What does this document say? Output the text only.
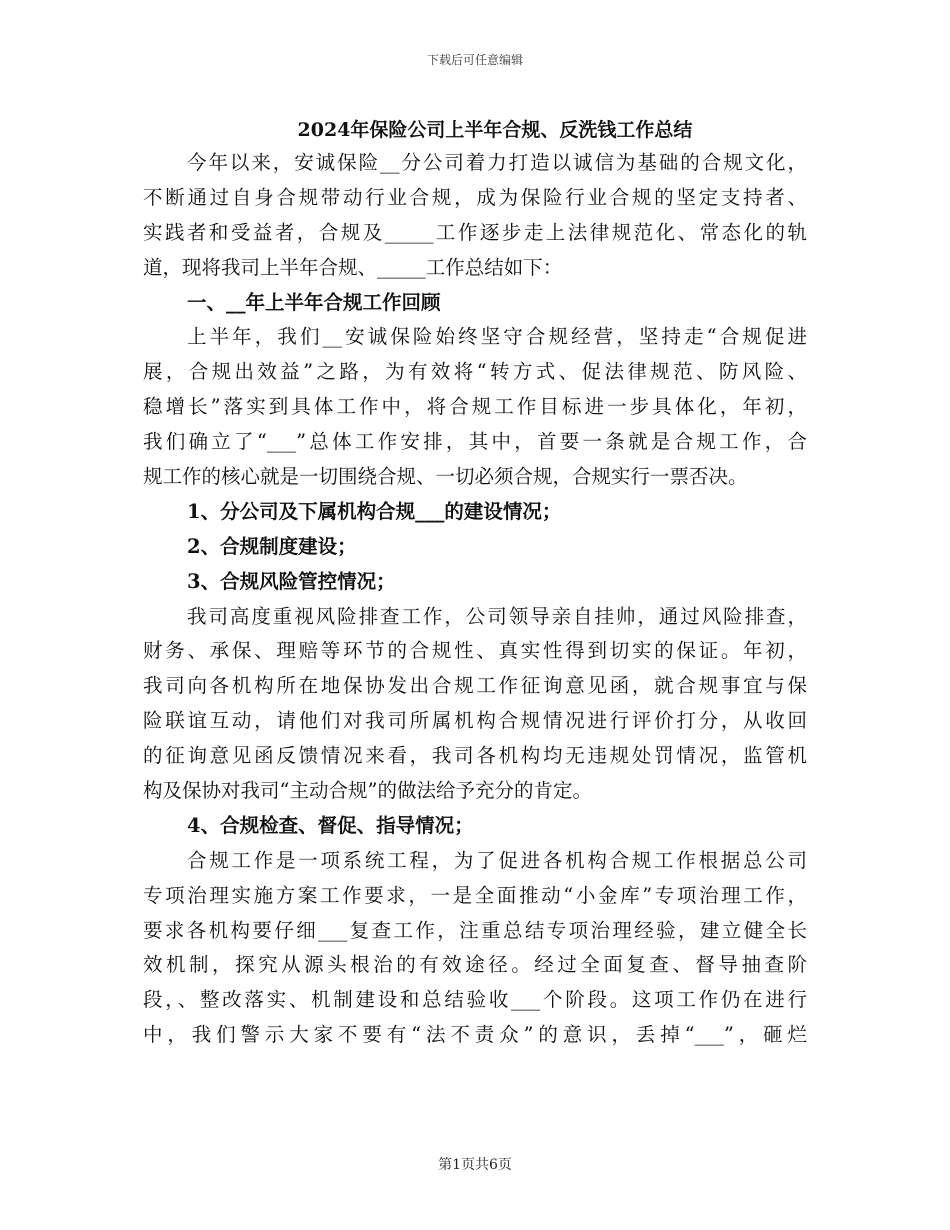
下载后可任意编辑
2024年保险公司上半年合规、反洗钱工作总结
今年以来，安诚保险__分公司着力打造以诚信为基础的合规文化，
不断通过自身合规带动行业合规，成为保险行业合规的坚定支持者、
实践者和受益者，合规及_____工作逐步走上法律规范化、常态化的轨
道，现将我司上半年合规、_____工作总结如下：
一、__年上半年合规工作回顾
上半年，我们__安诚保险始终坚守合规经营，坚持走“合规促进
展，合规出效益”之路，为有效将“转方式、促法律规范、防风险、
稳增长”落实到具体工作中，将合规工作目标进一步具体化，年初，
我们确立了“___”总体工作安排，其中，首要一条就是合规工作，合
规工作的核心就是一切围绕合规、一切必须合规，合规实行一票否决。
1、分公司及下属机构合规___的建设情况；
2、合规制度建设；
3、合规风险管控情况；
我司高度重视风险排查工作，公司领导亲自挂帅，通过风险排查，
财务、承保、理赔等环节的合规性、真实性得到切实的保证。年初，
我司向各机构所在地保协发出合规工作征询意见函，就合规事宜与保
险联谊互动，请他们对我司所属机构合规情况进行评价打分，从收回
的征询意见函反馈情况来看，我司各机构均无违规处罚情况，监管机
构及保协对我司“主动合规”的做法给予充分的肯定。
4、合规检查、督促、指导情况；
合规工作是一项系统工程，为了促进各机构合规工作根据总公司
专项治理实施方案工作要求，一是全面推动“小金库”专项治理工作，
要求各机构要仔细___复查工作，注重总结专项治理经验，建立健全长
效机制，探究从源头根治的有效途径。经过全面复查、督导抽查阶
段，、整改落实、机制建设和总结验收___个阶段。这项工作仍在进行
中，我们警示大家不要有“法不责众”的意识，丢掉“___”，砸烂
第1页共6页
